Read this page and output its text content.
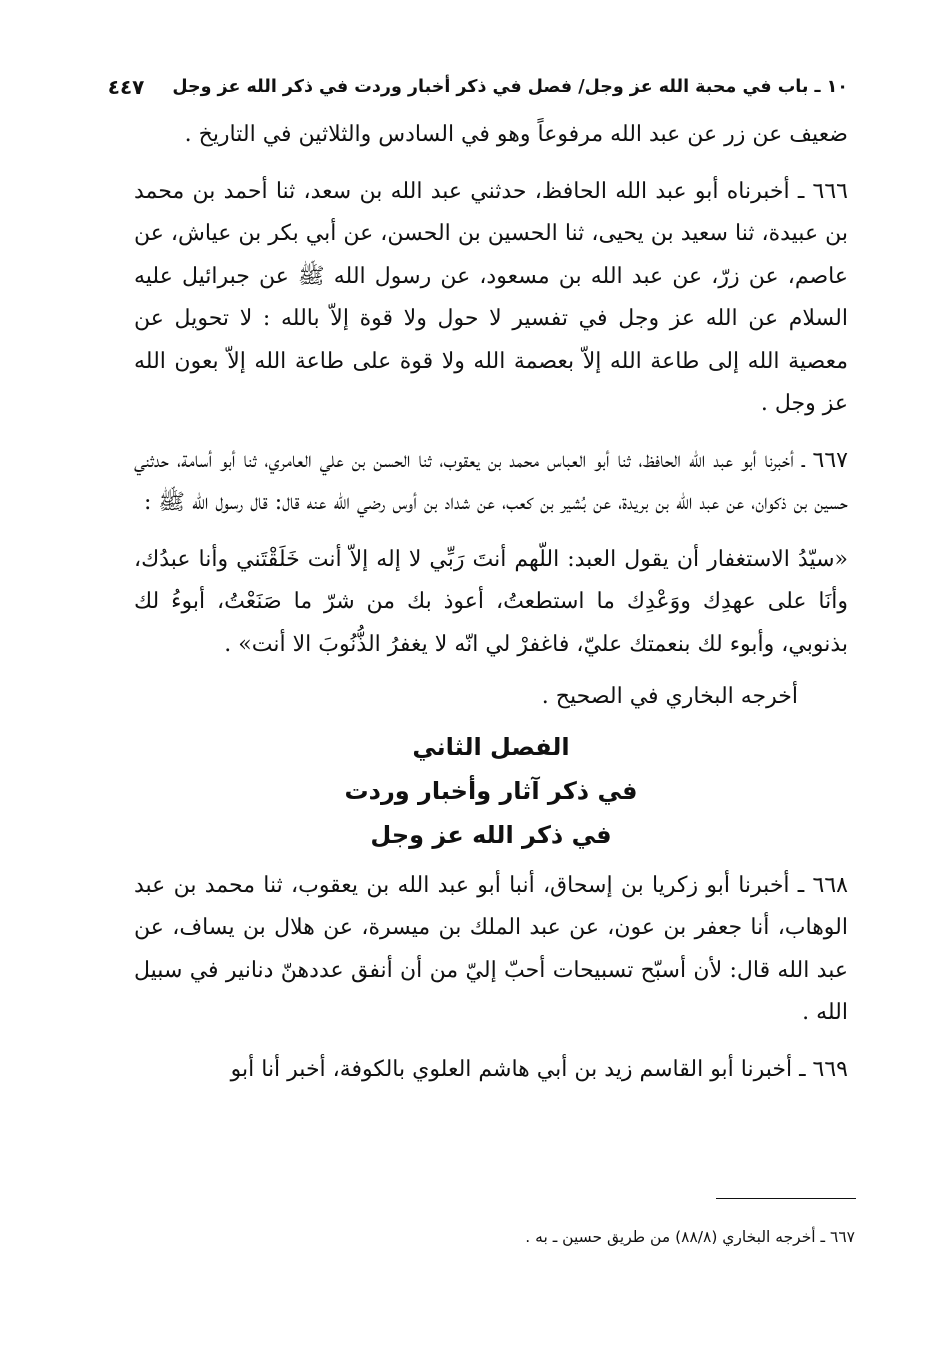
١٠ ـ باب في محبة الله عز وجل/ فصل في ذكر أخبار وردت في ذكر الله عز وجل
٤٤٧

ضعيف عن زر عن عبد الله مرفوعاً وهو في السادس والثلاثين في التاريخ .

٦٦٦ ـ أخبرناه أبو عبد الله الحافظ، حدثني عبد الله بن سعد، ثنا أحمد بن محمد بن عبيدة، ثنا سعيد بن يحيى، ثنا الحسين بن الحسن، عن أبي بكر بن عياش، عن عاصم، عن زرّ، عن عبد الله بن مسعود، عن رسول الله ﷺ عن جبرائيل عليه السلام عن الله عز وجل في تفسير لا حول ولا قوة إلاّ بالله : لا تحويل عن معصية الله إلى طاعة الله إلاّ بعصمة الله ولا قوة على طاعة الله إلاّ بعون الله عز وجل .

٦٦٧ ـ أخبرنا أبو عبد الله الحافظ، ثنا أبو العباس محمد بن يعقوب، ثنا الحسن بن علي العامري، ثنا أبو أسامة، حدثني حسين بن ذكوان، عن عبد الله بن بريدة، عن بُشير بن كعب، عن شداد بن أوس رضي الله عنه قال: قال رسول الله ﷺ :

«سيّدُ الاستغفار أن يقول العبد: اللّهم أنتَ رَبِّي لا إله إلاّ أنت خَلَقْتَني وأنا عبدُك، وأنَا على عهدِك ووَعْدِك ما استطعتُ، أعوذ بك من شرّ ما صَنَعْتُ، أبوءُ لك بذنوبي، وأبوء لك بنعمتك عليّ، فاغفرْ لي انّه لا يغفرُ الذُّنُوبَ الا أنت» .

أخرجه البخاري في الصحيح .

الفصل الثاني
في ذكر آثار وأخبار وردت
في ذكر الله عز وجل

٦٦٨ ـ أخبرنا أبو زكريا بن إسحاق، أنبا أبو عبد الله بن يعقوب، ثنا محمد بن عبد الوهاب، أنا جعفر بن عون، عن عبد الملك بن ميسرة، عن هلال بن يساف، عن عبد الله قال: لأن أسبّح تسبيحات أحبّ إليّ من أن أنفق عددهنّ دنانير في سبيل الله .

٦٦٩ ـ أخبرنا أبو القاسم زيد بن أبي هاشم العلوي بالكوفة، أخبر أنا أبو

٦٦٧ ـ أخرجه البخاري (٨٨/٨) من طريق حسين ـ به .
